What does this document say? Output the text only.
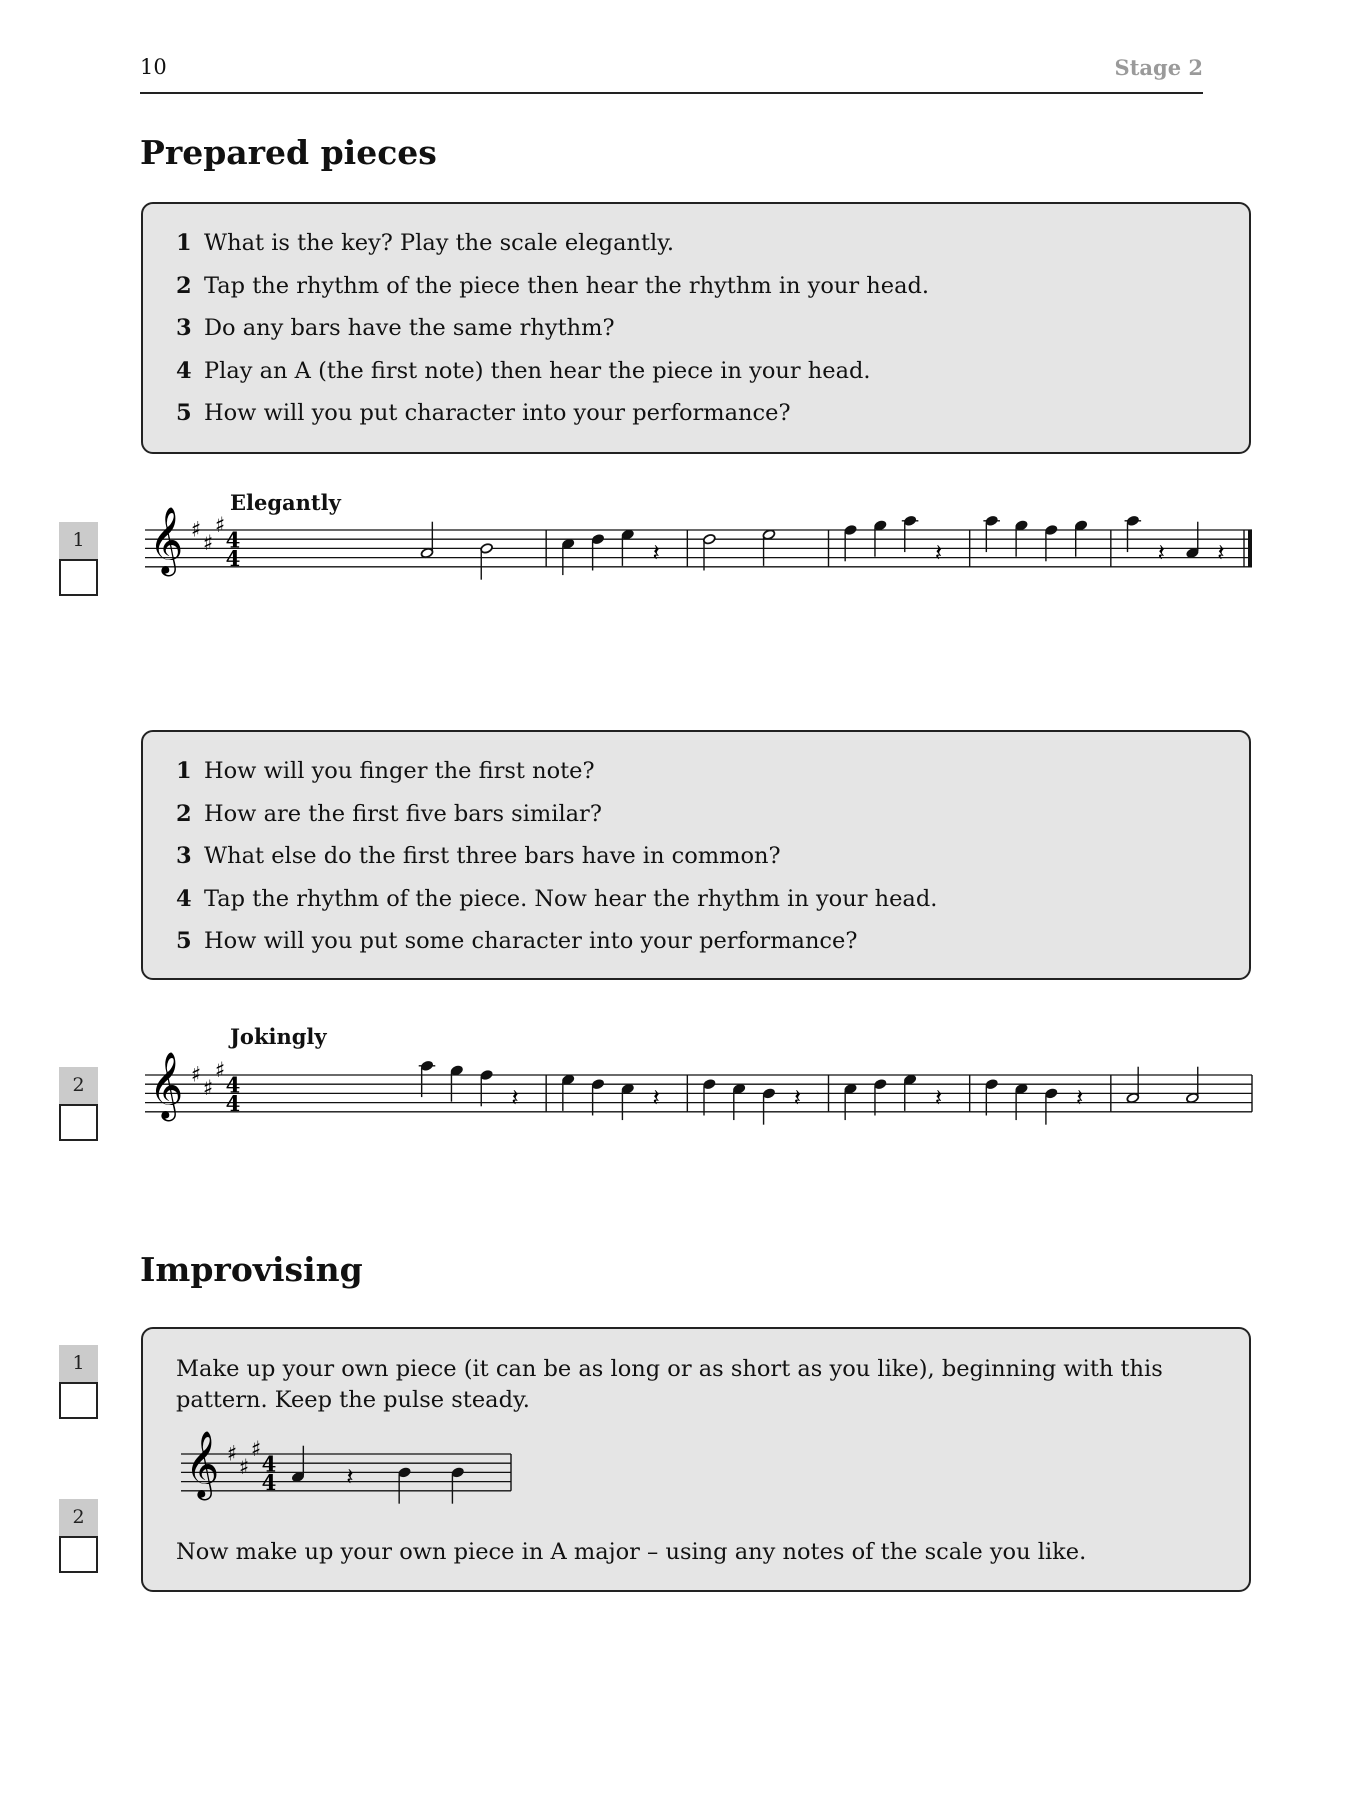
10	Stage 2
Prepared pieces
1 What is the key? Play the scale elegantly.
2 Tap the rhythm of the piece then hear the rhythm in your head.
3 Do any bars have the same rhythm?
4 Play an A (the first note) then hear the piece in your head.
5 How will you put character into your performance?
Elegantly
1 𝄞 ♯
♯
♯
4
4	𝄽	𝄽	𝄽 𝄽
1 How will you finger the first note?
2 How are the first five bars similar?
3 What else do the first three bars have in common?
4 Tap the rhythm of the piece. Now hear the rhythm in your head.
5 How will you put some character into your performance?
Jokingly
2 𝄞 ♯
♯
♯
4
4	𝄽	𝄽	𝄽	𝄽	𝄽
Improvising
1
2
Make up your own piece (it can be as long or as short as you like), beginning with this pattern. Keep the pulse steady.
𝄞 ♯
♯
♯
4
4	𝄽
Now make up your own piece in A major – using any notes of the scale you like.
